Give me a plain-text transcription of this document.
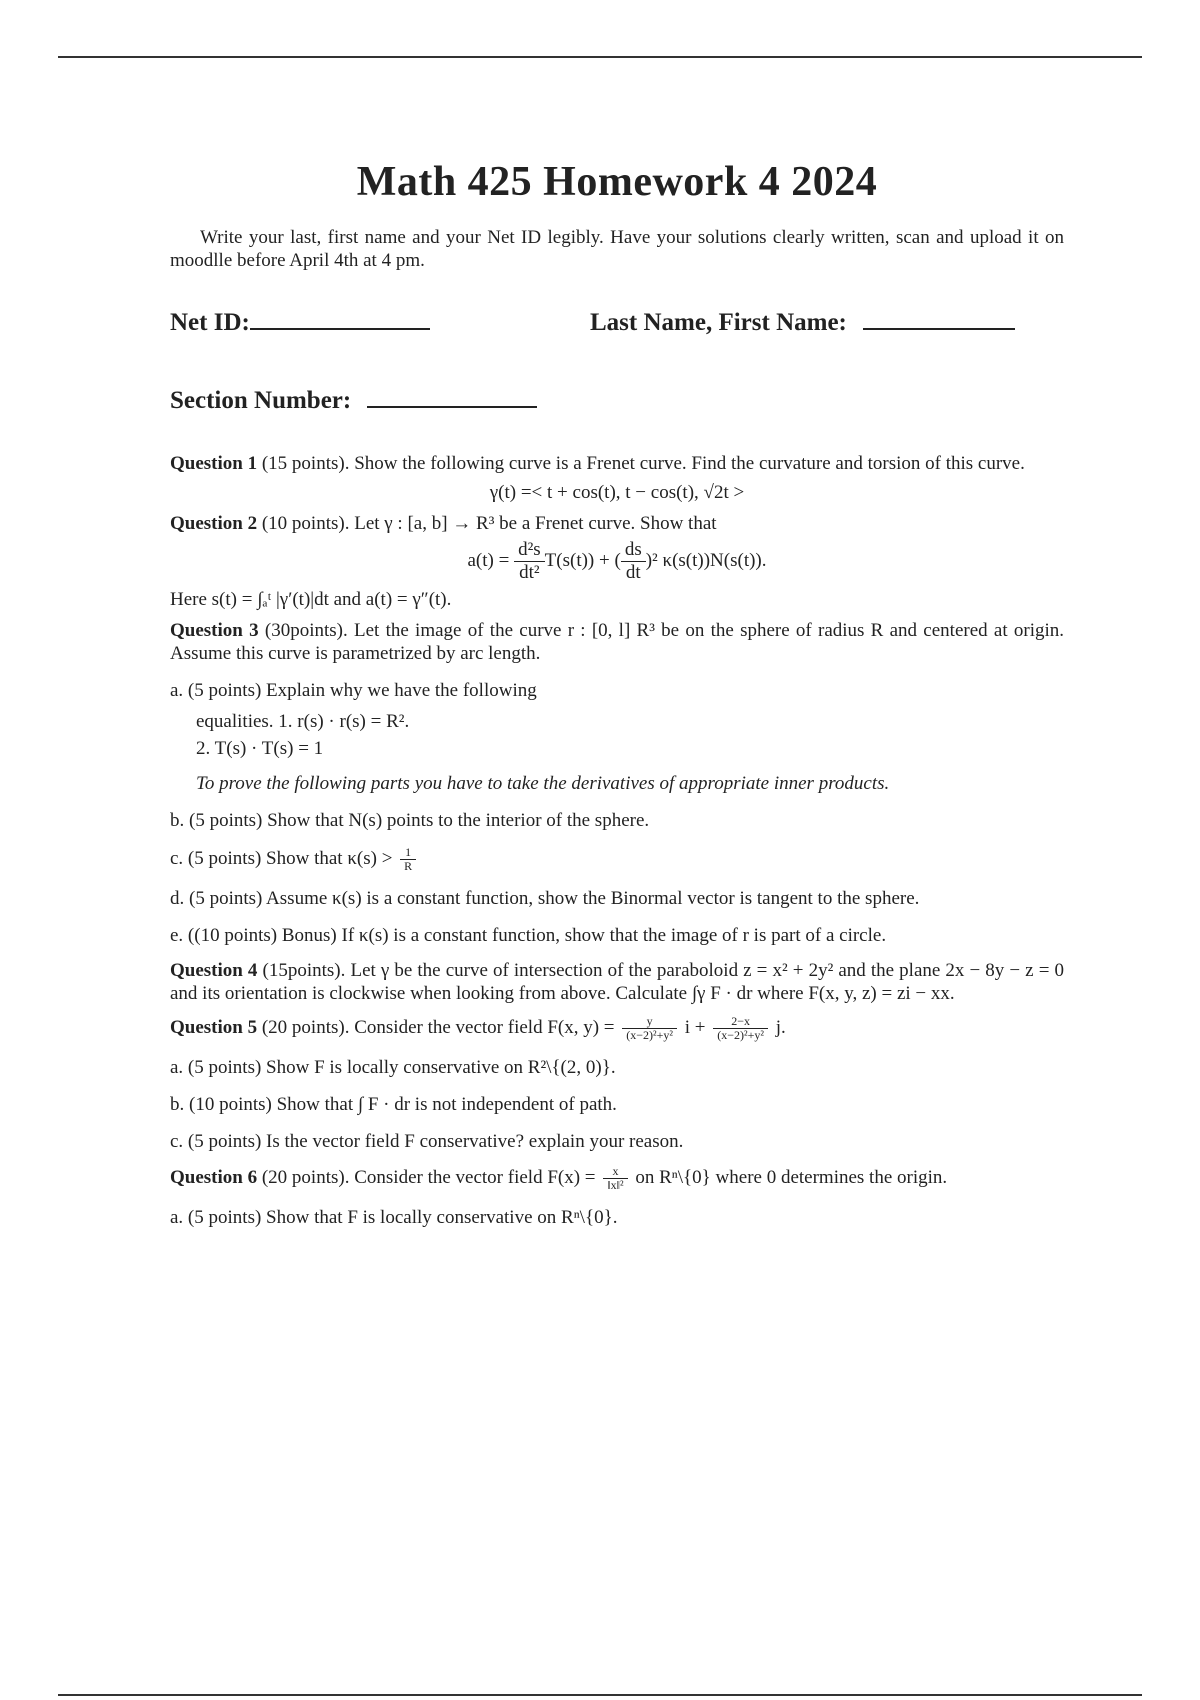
Math 425 Homework 4 2024
Write your last, first name and your Net ID legibly. Have your solutions clearly written, scan and upload it on moodlle before April 4th at 4 pm.
Net ID:	Last Name, First Name:
Section Number:

Question 1 (15 points). Show the following curve is a Frenet curve. Find the curvature and torsion of this curve.

γ(t) =< t + cos(t), t − cos(t), √2t >

Question 2 (10 points). Let γ : [a, b] → R³ be a Frenet curve. Show that

$a(t) = \frac{\text{d²s}}{\text{dt²}} T(s(t))$ + ( $\frac{ds}{dt} )^2$ κ(s(t))N(s(t)).

Here s(t) = ∫ₐᵗ |γ′(t)|dt and a(t) = γ″(t).

Question 3 (30points). Let the image of the curve r : [0, l] R³ be on the sphere of radius R and centered at origin. Assume this curve is parametrized by arc length.

a. (5 points) Explain why we have the following

equalities. 1. r(s) · r(s) = R².

2. T(s) · T(s) = 1

To prove the following parts you have to take the derivatives of appropriate inner products.

b. (5 points) Show that N(s) points to the interior of the sphere.

c. (5 points) Show that $\kappa(s) > \frac{1}{R}$

d. (5 points) Assume κ(s) is a constant function, show the Binormal vector is tangent to the sphere.

e. ((10 points) Bonus) If κ(s) is a constant function, show that the image of r is part of a circle.

Question 4 (15points). Let γ be the curve of intersection of the paraboloid z = x² + 2y² and the plane 2x − 8y − z = 0 and its orientation is clockwise when looking from above. Calculate ∫γ F · dr where F(x, y, z) = zi − xx.

Question 5 (20 points). Consider the vector field F(x, $y) = \frac{y}{\text{(x−2)²+y²}}$ $i + \frac{2-x}{\text{(x−2)²+y²}} j$.

a. (5 points) Show F is locally conservative on R²\{(2, 0)}.

b. (10 points) Show that ∫ F · dr is not independent of path.

c. (5 points) Is the vector field F conservative? explain your reason.

Question 6 (20 points). Consider the vector field $F(x) = \frac{x}{\text{‖x‖²}}$ on Rⁿ\{0} where 0 determines the origin.

a. (5 points) Show that F is locally conservative on Rⁿ\{0}.
